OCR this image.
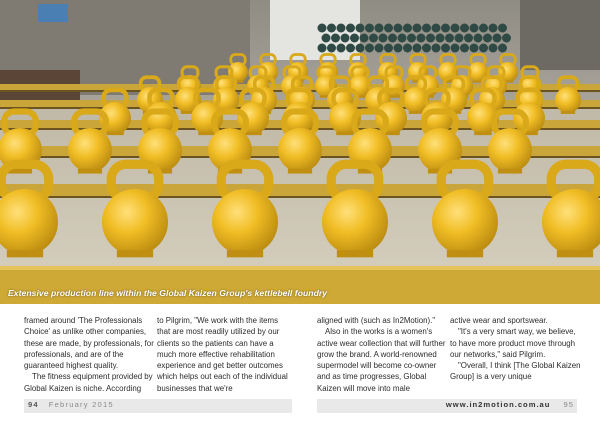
Extensive production line within the Global Kaizen Group's kettlebell foundry

framed around 'The Professionals Choice' as unlike other companies, these are made, by professionals, for professionals, and are of the guaranteed highest quality.

The fitness equipment provided by Global Kaizen is niche. According

to Pilgrim, "We work with the items that are most readily utilized by our clients so the patients can have a much more effective rehabilitation experience and get better outcomes which helps out each of the individual businesses that we're

aligned with (such as In2Motion)."

Also in the works is a women's active wear collection that will further grow the brand. A world-renowned supermodel will become co-owner and as time progresses, Global Kaizen will move into male

active wear and sportswear.

"It's a very smart way, we believe, to have more product move through our networks," said Pilgrim.

"Overall, I think [The Global Kaizen Group] is a very unique

94 February 2015	www.in2motion.com.au 95
